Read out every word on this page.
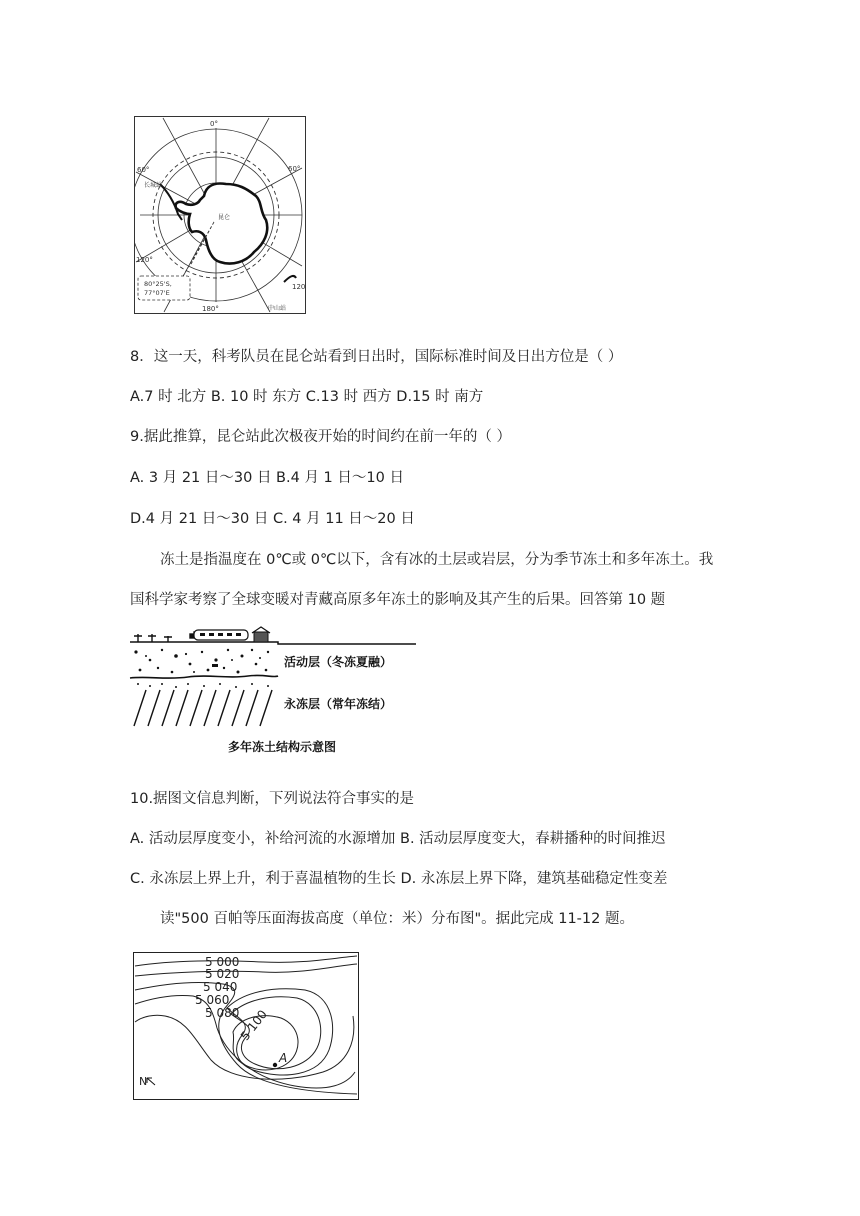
0°
60°	60°
120°
120
180°
长城站
昆仑
中山站
80°25'S,
77°07'E
8．这一天，科考队员在昆仑站看到日出时，国际标准时间及日出方位是（ ）
A.7 时 北方 B. 10 时 东方 C.13 时 西方 D.15 时 南方
9.据此推算，昆仑站此次极夜开始的时间约在前一年的（ ）
A. 3 月 21 日～30 日 B.4 月 1 日～10 日
D.4 月 21 日～30 日 C. 4 月 11 日～20 日
冻土是指温度在 0℃或 0℃以下，含有冰的土层或岩层，分为季节冻土和多年冻土。我
国科学家考察了全球变暖对青藏高原多年冻土的影响及其产生的后果。回答第 10 题
活动层（冬冻夏融）
永冻层（常年冻结）
多年冻土结构示意图
10.据图文信息判断，下列说法符合事实的是
A. 活动层厚度变小，补给河流的水源增加 B. 活动层厚度变大，春耕播种的时间推迟
C. 永冻层上界上升，利于喜温植物的生长 D. 永冻层上界下降，建筑基础稳定性变差
读"500 百帕等压面海拔高度（单位：米）分布图"。据此完成 11-12 题。
5 000
5 020
5 040
5 060
5 080
5 100
A
N
